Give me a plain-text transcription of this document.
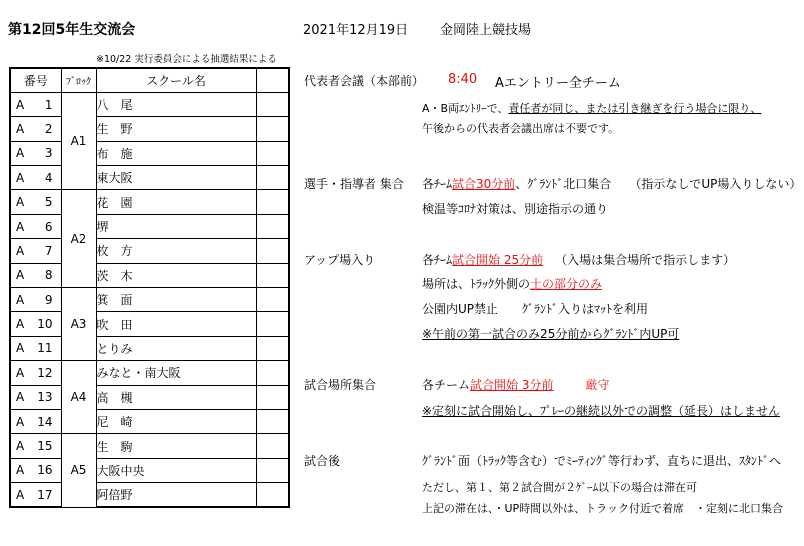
第12回5年生交流会	2021年12月19日 金岡陸上競技場
※10/22 実行委員会による抽選結果による
番号	ﾌﾞﾛｯｸ	スクール名	

A 1	A1	八　尾	

A 2		生　野	

A 3		布　施	

A 4		東大阪	

A 5	A2	花　園	

A 6		堺	

A 7		枚　方	

A 8		茨　木	

A 9	A3	箕　面	

A 10		吹　田	

A 11		とりみ	

A 12	A4	みなと・南大阪	

A 13		高　槻	

A 14		尼　崎	

A 15	A5	生　駒	

A 16		大阪中央	

A 17		阿倍野	
代表者会議（本部前） 8:40 Aエントリー全チーム
A・B両ｴﾝﾄﾘｰで、責任者が同じ、または引き継ぎを行う場合に限り、
午後からの代表者会議出席は不要です。
選手・指導者 集合 各ﾁｰﾑ試合30分前、ｸﾞﾗﾝﾄﾞ北口集合 （指示なしでUP場入りしない）
検温等ｺﾛﾅ対策は、別途指示の通り
アップ場入り	各ﾁｰﾑ試合開始 25分前 （入場は集合場所で指示します）
場所は、ﾄﾗｯｸ外側の土の部分のみ
公園内UP禁止　　ｸﾞﾗﾝﾄﾞ入りはﾏｯﾄを利用
※午前の第一試合のみ25分前からｸﾞﾗﾝﾄﾞ内UP可
試合場所集合	各チーム試合開始 3分前	厳守
※定刻に試合開始し、ﾌﾟﾚｰの継続以外での調整（延長）はしません
試合後	ｸﾞﾗﾝﾄﾞ面（ﾄﾗｯｸ等含む）でﾐｰﾃｨﾝｸﾞ等行わず、直ちに退出、ｽﾀﾝﾄﾞへ
ただし、第１、第２試合間が２ｹﾞｰﾑ以下の場合は滞在可
上記の滞在は、・UP時間以外は、トラック付近で着席　・定刻に北口集合
